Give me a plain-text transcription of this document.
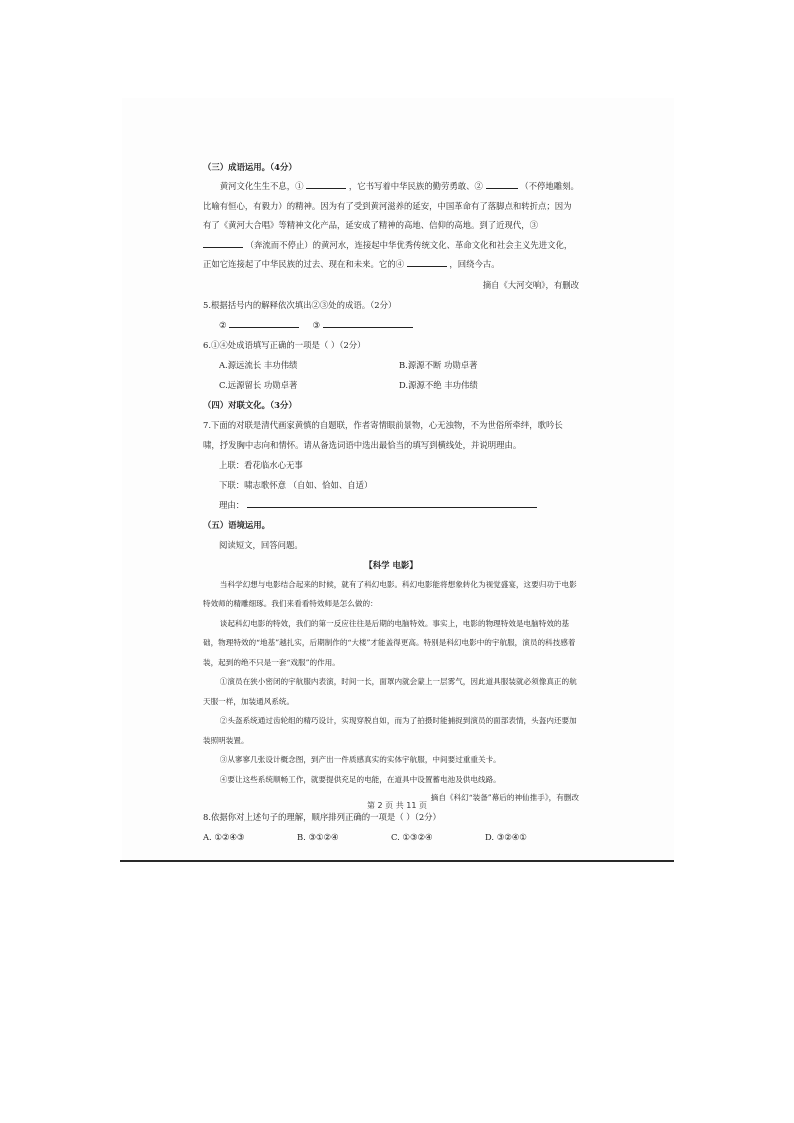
（三）成语运用。（4分）
黄河文化生生不息，①	，它书写着中华民族的勤劳勇敢、②	（不停地雕刻。比喻有恒心，有毅力）的精神。因为有了受到黄河滋养的延安，中国革命有了落脚点和转折点；因为有了《黄河大合唱》等精神文化产品，延安成了精神的高地、信仰的高地。到了近现代，③  （奔流而不停止）的黄河水，连接起中华优秀传统文化、革命文化和社会主义先进文化，正如它连接起了中华民族的过去、现在和未来。它的④	，回绕今古。
摘自《大河交响》，有删改
5.根据括号内的解释依次填出②③处的成语。（2分）
②	③
6.①④处成语填写正确的一项是（ ）（2分）
A.源远流长 丰功伟绩	B.源源不断 功勋卓著
C.远源留长 功勋卓著	D.源源不绝 丰功伟绩
（四）对联文化。（3分）
7.下面的对联是清代画家黄慎的自题联，作者寄情眼前景物，心无浊物，不为世俗所牵绊，歌吟长啸，抒发胸中志向和情怀。请从备选词语中选出最恰当的填写到横线处，并说明理由。
上联：看花临水心无事
下联：啸志歌怀意 （自如、恰如、自适）
理由：
（五）语境运用。
阅读短文，回答问题。
【科学 电影】
当科学幻想与电影结合起来的时候，就有了科幻电影。科幻电影能将想象转化为视觉盛宴，这要归功于电影特效师的精雕细琢。我们来看看特效师是怎么做的：
谈起科幻电影的特效，我们的第一反应往往是后期的电脑特效。事实上，电影的物理特效是电脑特效的基础，物理特效的“地基”越扎实，后期制作的“大楼”才能盖得更高。特别是科幻电影中的宇航服，演员的科技感着装，起到的绝不只是一套“戏服”的作用。
①演员在狭小密闭的宇航服内表演，时间一长，面罩内就会蒙上一层雾气，因此道具服装就必须像真正的航天服一样，加装通风系统。
②头盔系统通过齿轮组的精巧设计，实现穿脱自如，而为了拍摄时能捕捉到演员的面部表情，头盔内还要加装照明装置。
③从寥寥几张设计概念图，到产出一件质感真实的实体宇航服，中间要过重重关卡。
④要让这些系统顺畅工作，就要提供充足的电能，在道具中设置蓄电池及供电线路。
摘自《科幻“装备”幕后的神仙推手》，有删改
8.依据你对上述句子的理解，顺序排列正确的一项是（ ）（2分）
A. ①②④③	B. ③①②④	C. ①③②④	D. ③②④①
第 2 页 共 11 页
